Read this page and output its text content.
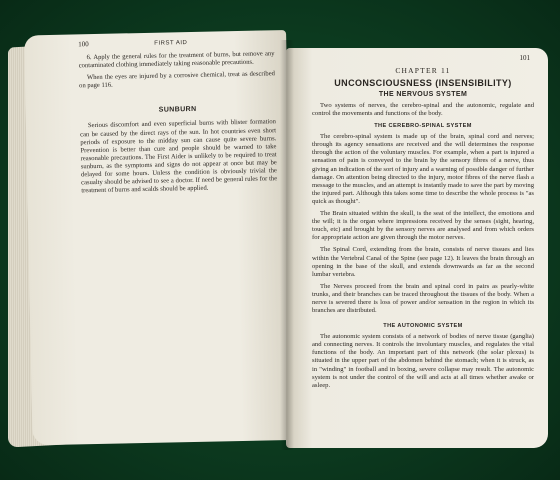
100	FIRST AID

6. Apply the general rules for the treatment of burns, but remove any contaminated clothing immediately taking reasonable precautions.

When the eyes are injured by a corrosive chemical, treat as described on page 116.

SUNBURN

Serious discomfort and even superficial burns with blister formation can be caused by the direct rays of the sun. In hot countries even short periods of exposure to the midday sun can cause quite severe burns. Prevention is better than cure and people should be warned to take reasonable precautions. The First Aider is unlikely to be required to treat sunburn, as the symptoms and signs do not appear at once but may be delayed for some hours. Unless the condition is obviously trivial the casualty should be advised to see a doctor. If need be general rules for the treatment of burns and scalds should be applied.

101
CHAPTER 11
UNCONSCIOUSNESS (INSENSIBILITY)
THE NERVOUS SYSTEM

Two systems of nerves, the cerebro-spinal and the autonomic, regulate and control the movements and functions of the body.

THE CEREBRO-SPINAL SYSTEM

The cerebro-spinal system is made up of the brain, spinal cord and nerves; through its agency sensations are received and the will determines the response through the action of the voluntary muscles. For example, when a part is injured a sensation of pain is conveyed to the brain by the sensory fibres of a nerve, thus giving an indication of the sort of injury and a warning of possible danger of further damage. On attention being directed to the injury, motor fibres of the nerve flash a message to the muscles, and an attempt is instantly made to save the part by moving the injured part. Although this takes some time to describe the whole process is "as quick as thought".

The Brain situated within the skull, is the seat of the intellect, the emotions and the will; it is the organ where impressions received by the senses (sight, hearing, touch, etc) and brought by the sensory nerves are analysed and from which orders for appropriate action are given through the motor nerves.

The Spinal Cord, extending from the brain, consists of nerve tissues and lies within the Vertebral Canal of the Spine (see page 12). It leaves the brain through an opening in the base of the skull, and extends downwards as far as the second lumbar vertebra.

The Nerves proceed from the brain and spinal cord in pairs as pearly-white trunks, and their branches can be traced throughout the tissues of the body. When a nerve is severed there is loss of power and/or sensation in the region in which its branches are distributed.

THE AUTONOMIC SYSTEM

The autonomic system consists of a network of bodies of nerve tissue (ganglia) and connecting nerves. It controls the involuntary muscles, and regulates the vital functions of the body. An important part of this network (the solar plexus) is situated in the upper part of the abdomen behind the stomach; when it is struck, as in "winding" in football and in boxing, severe collapse may result. The autonomic system is not under the control of the will and acts at all times whether awake or asleep.
